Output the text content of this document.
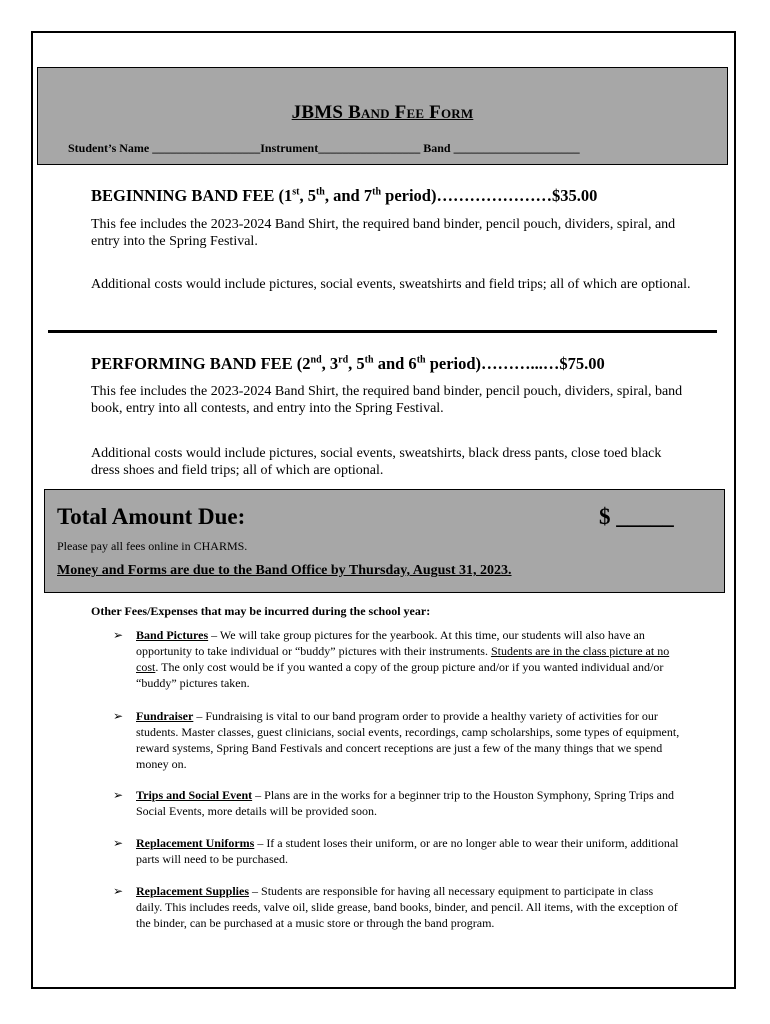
JBMS Band Fee Form
Student’s Name __________________Instrument_________________ Band _____________________
BEGINNING BAND FEE (1st, 5th, and 7th period)…………………$35.00
This fee includes the 2023-2024 Band Shirt, the required band binder, pencil pouch, dividers, spiral, and entry into the Spring Festival.
Additional costs would include pictures, social events, sweatshirts and field trips; all of which are optional.
PERFORMING BAND FEE (2nd, 3rd, 5th and 6th period)………...…$75.00
This fee includes the 2023-2024 Band Shirt, the required band binder, pencil pouch, dividers, spiral, band book, entry into all contests, and entry into the Spring Festival.
Additional costs would include pictures, social events, sweatshirts, black dress pants, close toed black dress shoes and field trips; all of which are optional.
Total Amount Due:	$ _____
Please pay all fees online in CHARMS.
Money and Forms are due to the Band Office by Thursday, August 31, 2023.
Other Fees/Expenses that may be incurred during the school year:
➢ Band Pictures – We will take group pictures for the yearbook. At this time, our students will also have an opportunity to take individual or “buddy” pictures with their instruments. Students are in the class picture at no cost. The only cost would be if you wanted a copy of the group picture and/or if you wanted individual and/or “buddy” pictures taken.
➢ Fundraiser – Fundraising is vital to our band program order to provide a healthy variety of activities for our students. Master classes, guest clinicians, social events, recordings, camp scholarships, some types of equipment, reward systems, Spring Band Festivals and concert receptions are just a few of the many things that we spend money on.
➢ Trips and Social Event – Plans are in the works for a beginner trip to the Houston Symphony, Spring Trips and Social Events, more details will be provided soon.
➢ Replacement Uniforms – If a student loses their uniform, or are no longer able to wear their uniform, additional parts will need to be purchased.
➢ Replacement Supplies – Students are responsible for having all necessary equipment to participate in class daily. This includes reeds, valve oil, slide grease, band books, binder, and pencil. All items, with the exception of the binder, can be purchased at a music store or through the band program.
